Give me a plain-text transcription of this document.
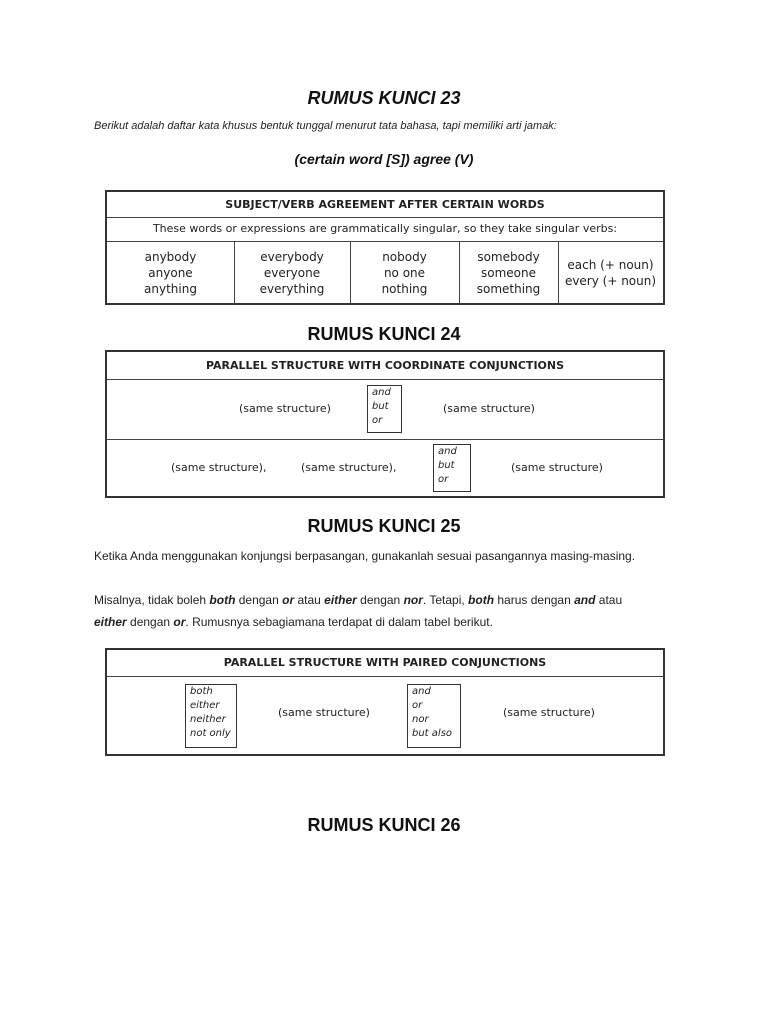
RUMUS KUNCI 23
Berikut adalah daftar kata khusus bentuk tunggal menurut tata bahasa, tapi memiliki arti jamak:
(certain word [S]) agree (V)
SUBJECT/VERB AGREEMENT AFTER CERTAIN WORDS
These words or expressions are grammatically singular, so they take singular verbs:
anybody
anyone
anything
everybody
everyone
everything
nobody
no one
nothing
somebody
someone
something
each (+ noun)
every (+ noun)
RUMUS KUNCI 24
PARALLEL STRUCTURE WITH COORDINATE CONJUNCTIONS
(same structure)
and
but
or
(same structure)
(same structure),	(same structure),
and
but
or
(same structure)
RUMUS KUNCI 25
Ketika Anda menggunakan konjungsi berpasangan, gunakanlah sesuai pasangannya masing-masing.
Misalnya, tidak boleh both dengan or atau either dengan nor. Tetapi, both harus dengan and atau
either dengan or. Rumusnya sebagiamana terdapat di dalam tabel berikut.
PARALLEL STRUCTURE WITH PAIRED CONJUNCTIONS
both
either
neither
not only
(same structure)
and
or
nor
but also
(same structure)
RUMUS KUNCI 26
